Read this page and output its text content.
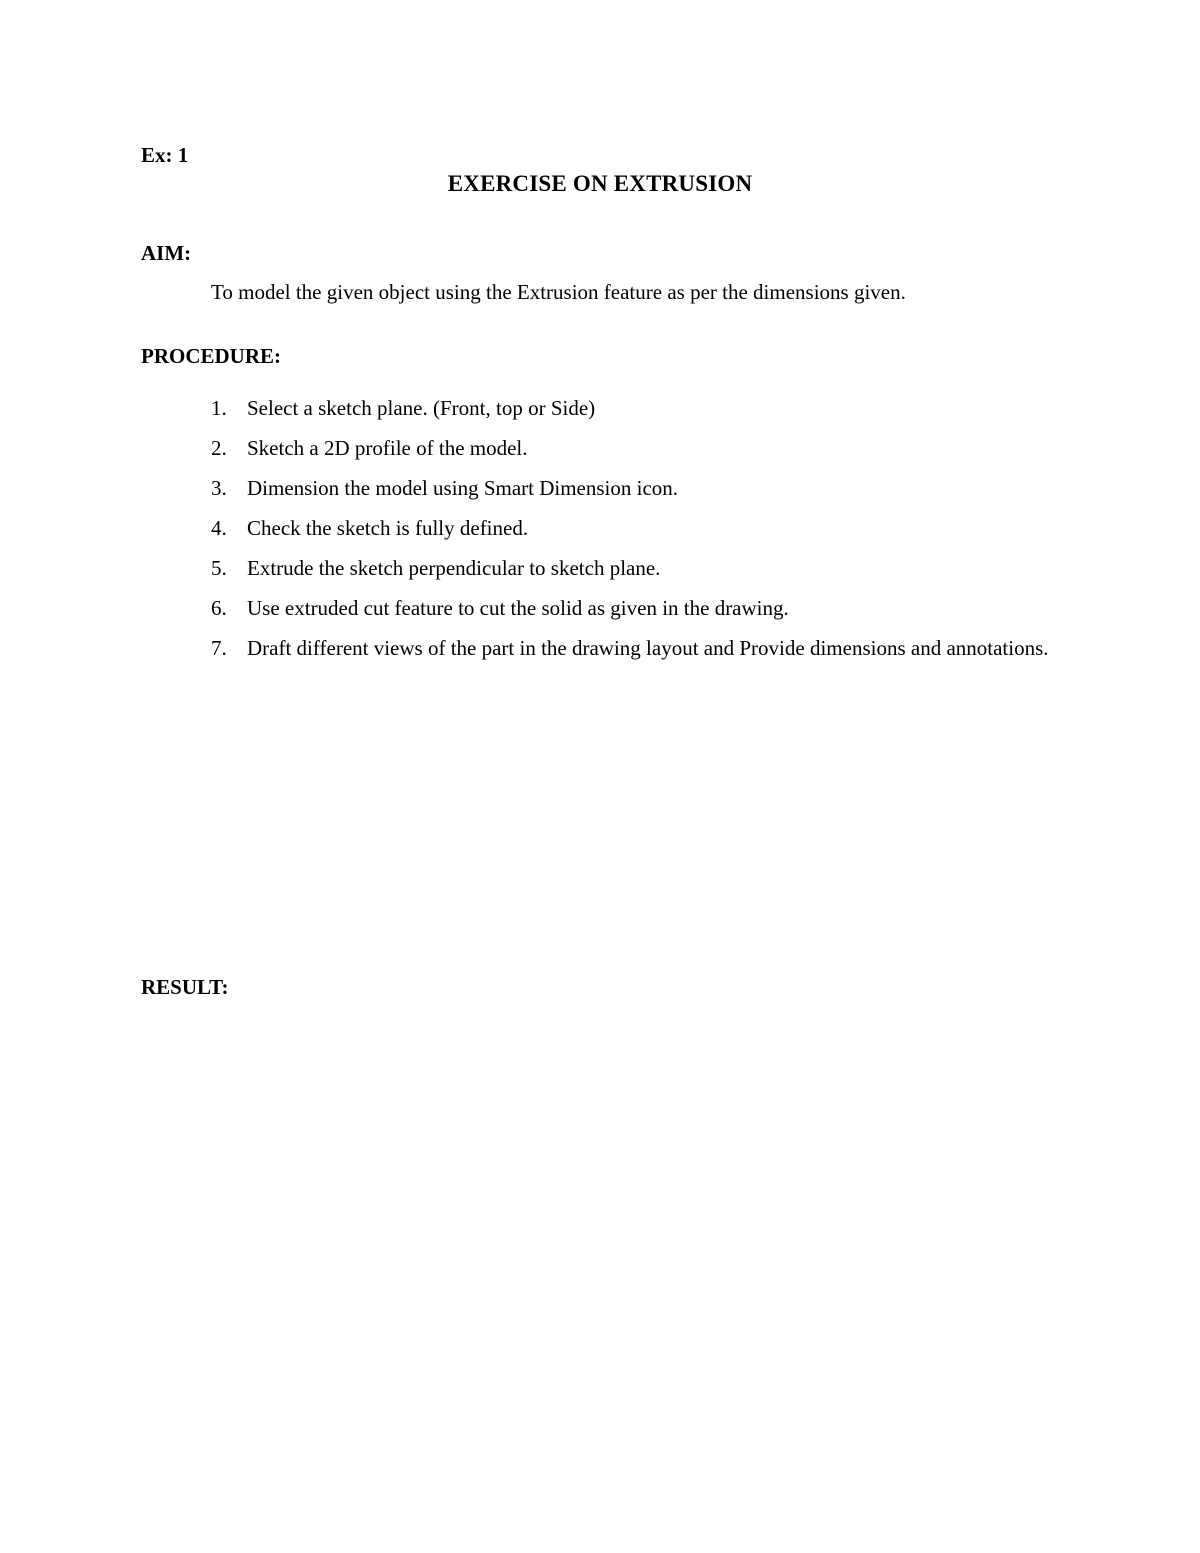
Ex: 1
EXERCISE ON EXTRUSION
AIM:
To model the given object using the Extrusion feature as per the dimensions given.
PROCEDURE:
1. Select a sketch plane. (Front, top or Side)
2. Sketch a 2D profile of the model.
3. Dimension the model using Smart Dimension icon.
4. Check the sketch is fully defined.
5. Extrude the sketch perpendicular to sketch plane.
6. Use extruded cut feature to cut the solid as given in the drawing.
7. Draft different views of the part in the drawing layout and Provide dimensions and annotations.
RESULT:
